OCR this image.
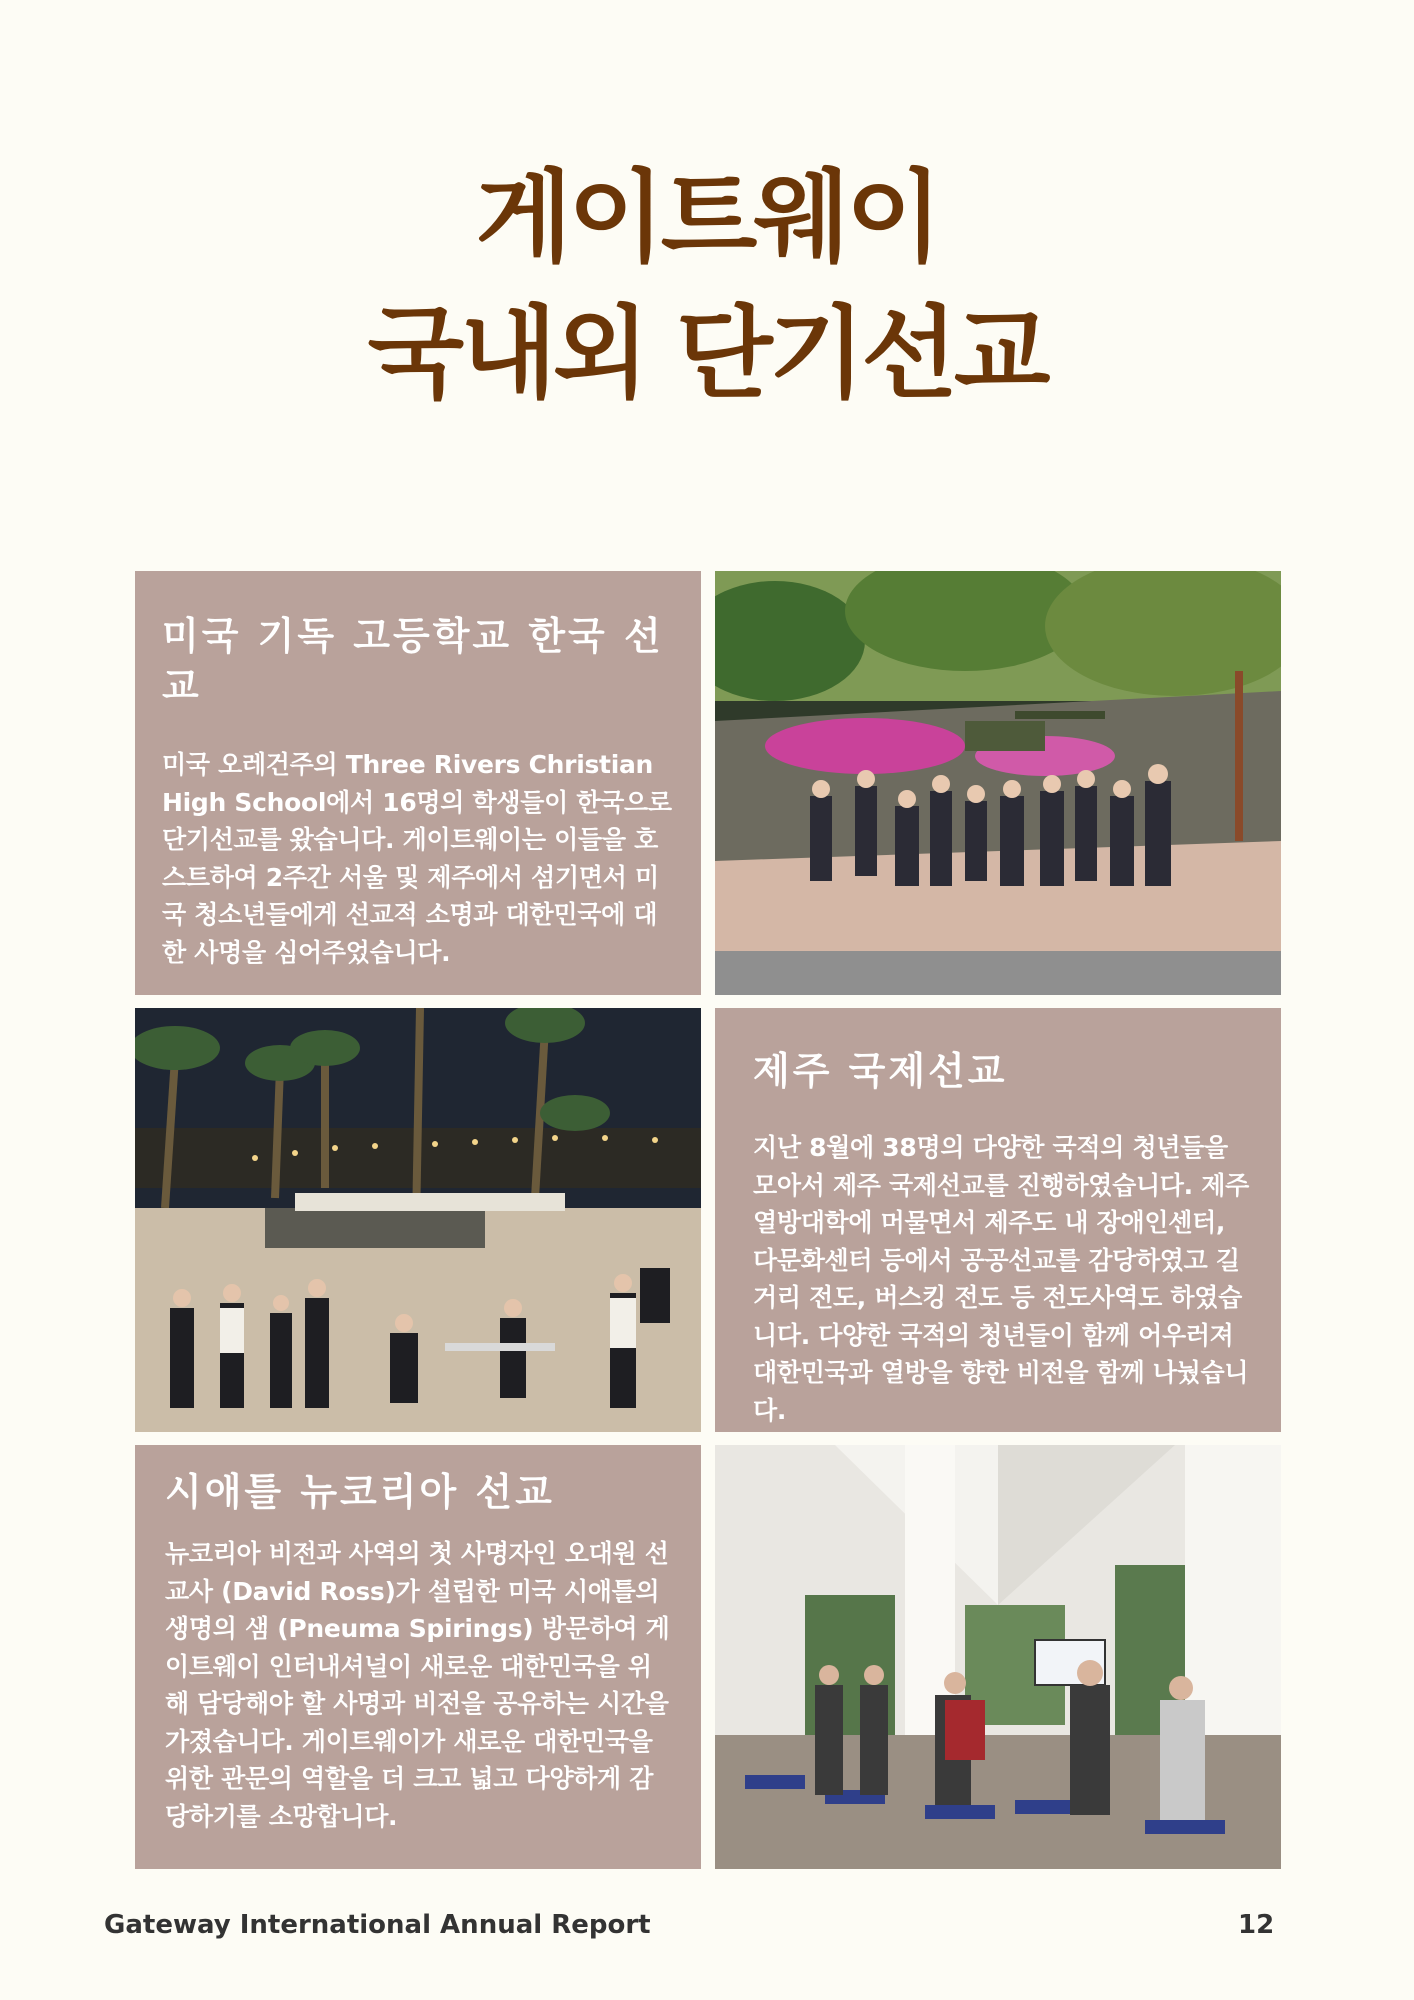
게이트웨이
국내외 단기선교
미국 기독 고등학교 한국 선교

미국 오레건주의 Three Rivers Christian High School에서 16명의 학생들이 한국으로 단기선교를 왔습니다. 게이트웨이는 이들을 호스트하여 2주간 서울 및 제주에서 섬기면서 미국 청소년들에게 선교적 소명과 대한민국에 대한 사명을 심어주었습니다.

제주 국제선교

지난 8월에 38명의 다양한 국적의 청년들을 모아서 제주 국제선교를 진행하였습니다. 제주 열방대학에 머물면서 제주도 내 장애인센터, 다문화센터 등에서 공공선교를 감당하였고 길거리 전도, 버스킹 전도 등 전도사역도 하였습니다. 다양한 국적의 청년들이 함께 어우러져 대한민국과 열방을 향한 비전을 함께 나눴습니다.

시애틀 뉴코리아 선교

뉴코리아 비전과 사역의 첫 사명자인 오대원 선교사 (David Ross)가 설립한 미국 시애틀의 생명의 샘 (Pneuma Spirings) 방문하여 게이트웨이 인터내셔널이 새로운 대한민국을 위해 담당해야 할 사명과 비전을 공유하는 시간을 가졌습니다. 게이트웨이가 새로운 대한민국을 위한 관문의 역할을 더 크고 넓고 다양하게 감당하기를 소망합니다.

Gateway International Annual Report	12
